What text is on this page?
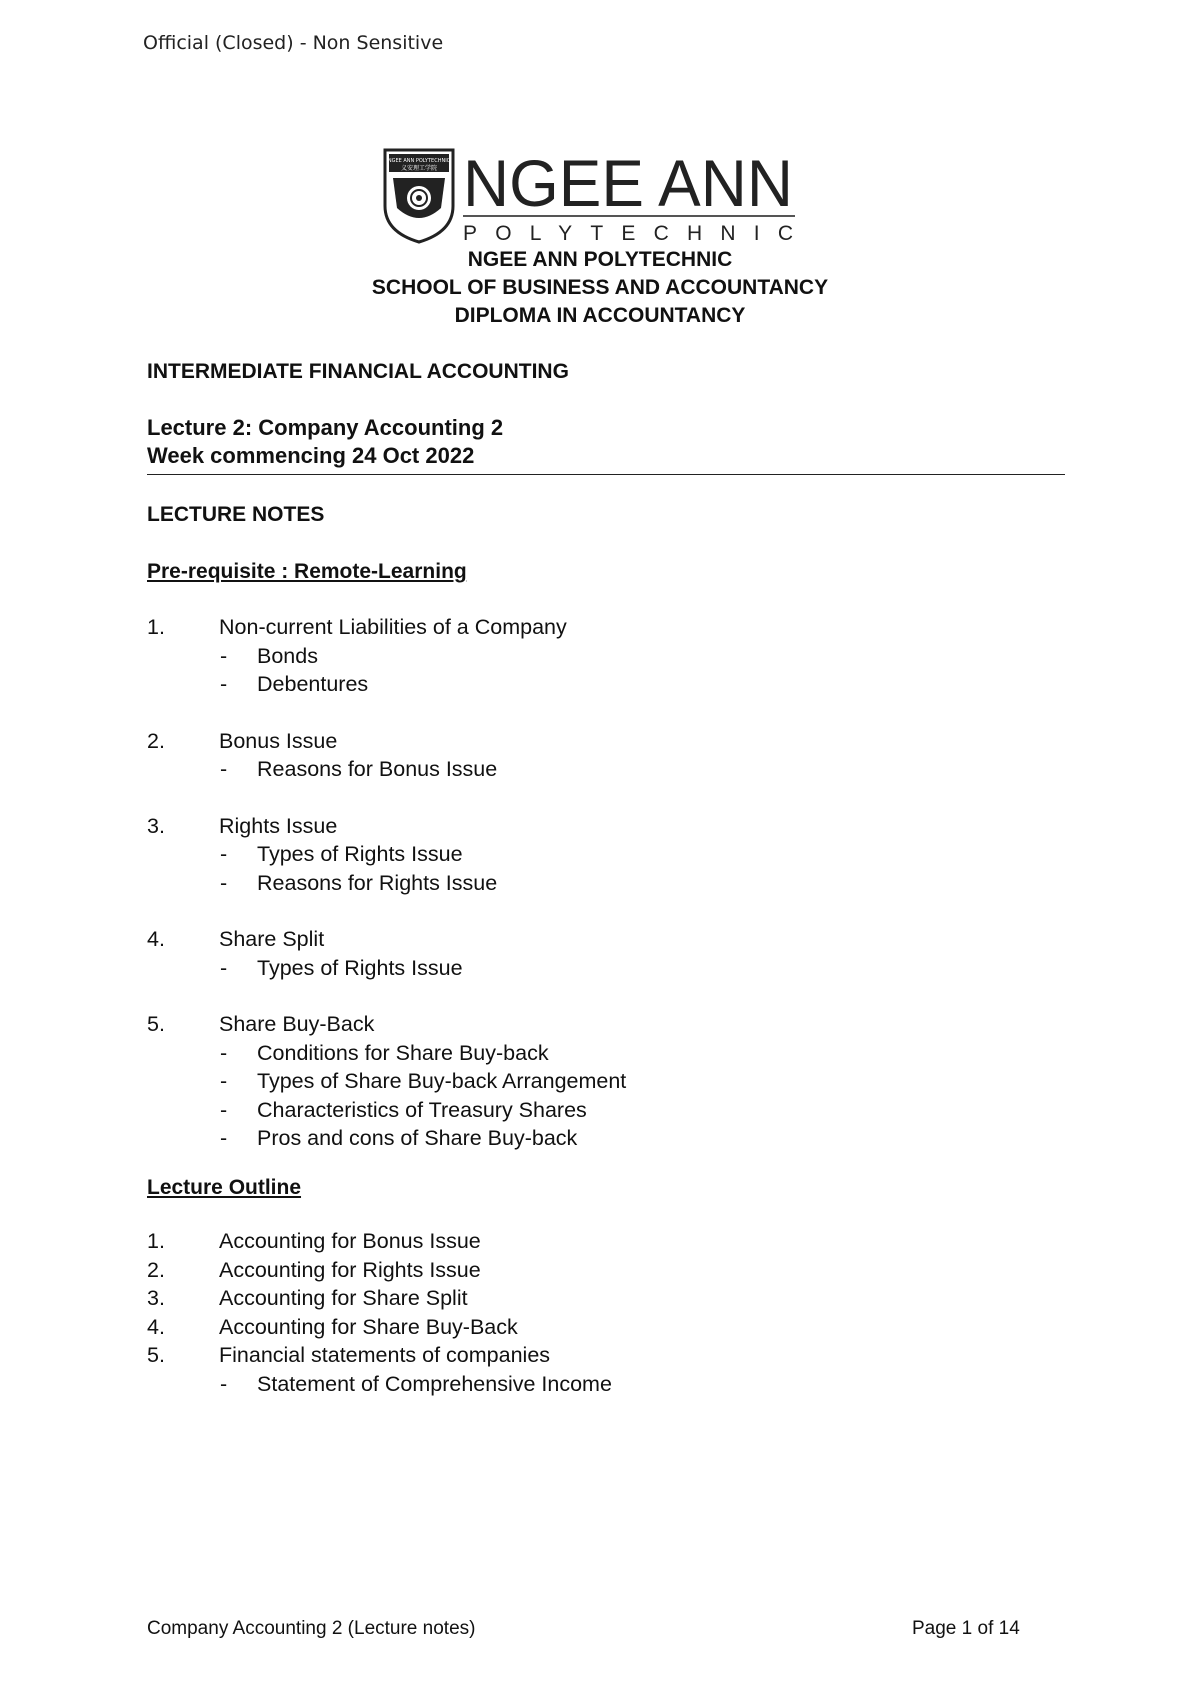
Official (Closed) - Non Sensitive
NGEE ANN POLYTECHNIC
义安理工学院 NGEE ANN
POLYTECHNIC
NGEE ANN POLYTECHNIC
SCHOOL OF BUSINESS AND ACCOUNTANCY
DIPLOMA IN ACCOUNTANCY
INTERMEDIATE FINANCIAL ACCOUNTING
Lecture 2: Company Accounting 2
Week commencing 24 Oct 2022
LECTURE NOTES
Pre-requisite : Remote-Learning
1.	Non-current Liabilities of a Company
- Bonds
- Debentures
2.	Bonus Issue
- Reasons for Bonus Issue
3.	Rights Issue
- Types of Rights Issue
- Reasons for Rights Issue
4.	Share Split
- Types of Rights Issue
5.	Share Buy-Back
- Conditions for Share Buy-back
- Types of Share Buy-back Arrangement
- Characteristics of Treasury Shares
- Pros and cons of Share Buy-back
Lecture Outline
1.	Accounting for Bonus Issue
2.	Accounting for Rights Issue
3.	Accounting for Share Split
4.	Accounting for Share Buy-Back
5.	Financial statements of companies
- Statement of Comprehensive Income
Company Accounting 2 (Lecture notes)	Page 1 of 14
